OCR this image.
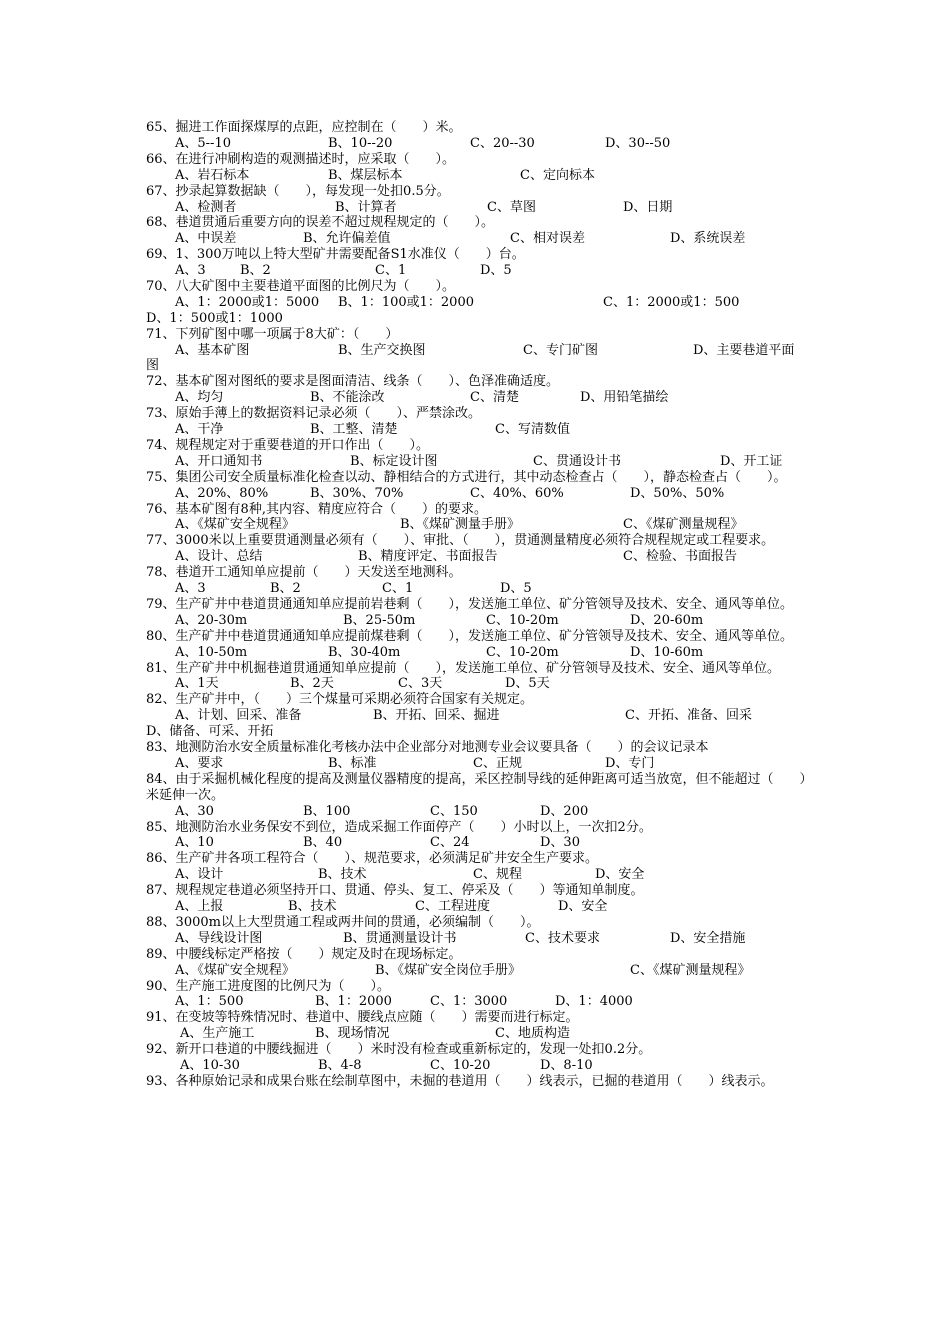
65、掘进工作面探煤厚的点距，应控制在（　　）米。
A、5--10	B、10--20	C、20--30	D、30--50
66、在进行冲刷构造的观测描述时，应采取（　　）。
A、岩石标本	B、煤层标本	C、定向标本
67、抄录起算数据缺（　　），每发现一处扣0.5分。
A、检测者	B、计算者	C、草图	D、日期
68、巷道贯通后重要方向的误差不超过规程规定的（　　）。
A、中误差	B、允许偏差值	C、相对误差	D、系统误差
69、1、300万吨以上特大型矿井需要配备S1水准仪（　　）台。
A、3	B、2	C、1	D、5
70、八大矿图中主要巷道平面图的比例尺为（　　）。
A、1：2000或1：5000 B、1：100或1：2000	C、1：2000或1：500
D、1：500或1：1000
71、下列矿图中哪一项属于8大矿：（　　）
A、基本矿图	B、生产交换图	C、专门矿图	D、主要巷道平面
图
72、基本矿图对图纸的要求是图面清洁、线条（　　）、色泽准确适度。
A、均匀	B、不能涂改	C、清楚	D、用铅笔描绘
73、原始手薄上的数据资料记录必须（　　）、严禁涂改。
A、干净	B、工整、清楚	C、写清数值
74、规程规定对于重要巷道的开口作出（　　）。
A、开口通知书	B、标定设计图	C、贯通设计书	D、开工证
75、集团公司安全质量标准化检查以动、静相结合的方式进行，其中动态检查占（　　），静态检查占（　　）。
A、20%、80%	B、30%、70%	C、40%、60%	D、50%、50%
76、基本矿图有8种,其内容、精度应符合（　　）的要求。
A、《煤矿安全规程》	B、《煤矿测量手册》	C、《煤矿测量规程》
77、3000米以上重要贯通测量必须有（　　）、审批、（　　），贯通测量精度必须符合规程规定或工程要求。
A、设计、总结	B、精度评定、书面报告	C、检验、书面报告
78、巷道开工通知单应提前（　　）天发送至地测科。
A、3	B、2	C、1	D、5
79、生产矿井中巷道贯通通知单应提前岩巷剩（　　），发送施工单位、矿分管领导及技术、安全、通风等单位。
A、20-30m	B、25-50m	C、10-20m	D、20-60m
80、生产矿井中巷道贯通通知单应提前煤巷剩（　　），发送施工单位、矿分管领导及技术、安全、通风等单位。
A、10-50m	B、30-40m	C、10-20m	D、10-60m
81、生产矿井中机掘巷道贯通通知单应提前（　　），发送施工单位、矿分管领导及技术、安全、通风等单位。
A、1天	B、2天	C、3天	D、5天
82、生产矿井中，（　　）三个煤量可采期必须符合国家有关规定。
A、计划、回采、准备	B、开拓、回采、掘进	C、开拓、准备、回采
D、储备、可采、开拓
83、地测防治水安全质量标准化考核办法中企业部分对地测专业会议要具备（　　）的会议记录本
A、要求	B、标准	C、正规	D、专门
84、由于采掘机械化程度的提高及测量仪器精度的提高，采区控制导线的延伸距离可适当放宽，但不能超过（　　）米延伸一次。
A、30	B、100	C、150	D、200
85、地测防治水业务保安不到位，造成采掘工作面停产（　　）小时以上，一次扣2分。
A、10	B、40	C、24	D、30
86、生产矿井各项工程符合（　　）、规范要求，必须满足矿井安全生产要求。
A、设计	B、技术	C、规程	D、安全
87、规程规定巷道必须坚持开口、贯通、停头、复工、停采及（　　）等通知单制度。
A、上报	B、技术	C、工程进度	D、安全
88、3000m以上大型贯通工程或两井间的贯通，必须编制（　　）。
A、导线设计图	B、贯通测量设计书	C、技术要求	D、安全措施
89、中腰线标定严格按（　　）规定及时在现场标定。
A、《煤矿安全规程》	B、《煤矿安全岗位手册》	C、《煤矿测量规程》
90、生产施工进度图的比例尺为（　　）。
A、1：500	B、1：2000	C、1：3000	D、1：4000
91、在变坡等特殊情况时、巷道中、腰线点应随（　　）需要而进行标定。
A、生产施工	B、现场情况	C、地质构造
92、新开口巷道的中腰线掘进（　　）米时没有检查或重新标定的，发现一处扣0.2分。
A、10-30	B、4-8	C、10-20	D、8-10
93、各种原始记录和成果台账在绘制草图中，未掘的巷道用（　　）线表示，已掘的巷道用（　　）线表示。
